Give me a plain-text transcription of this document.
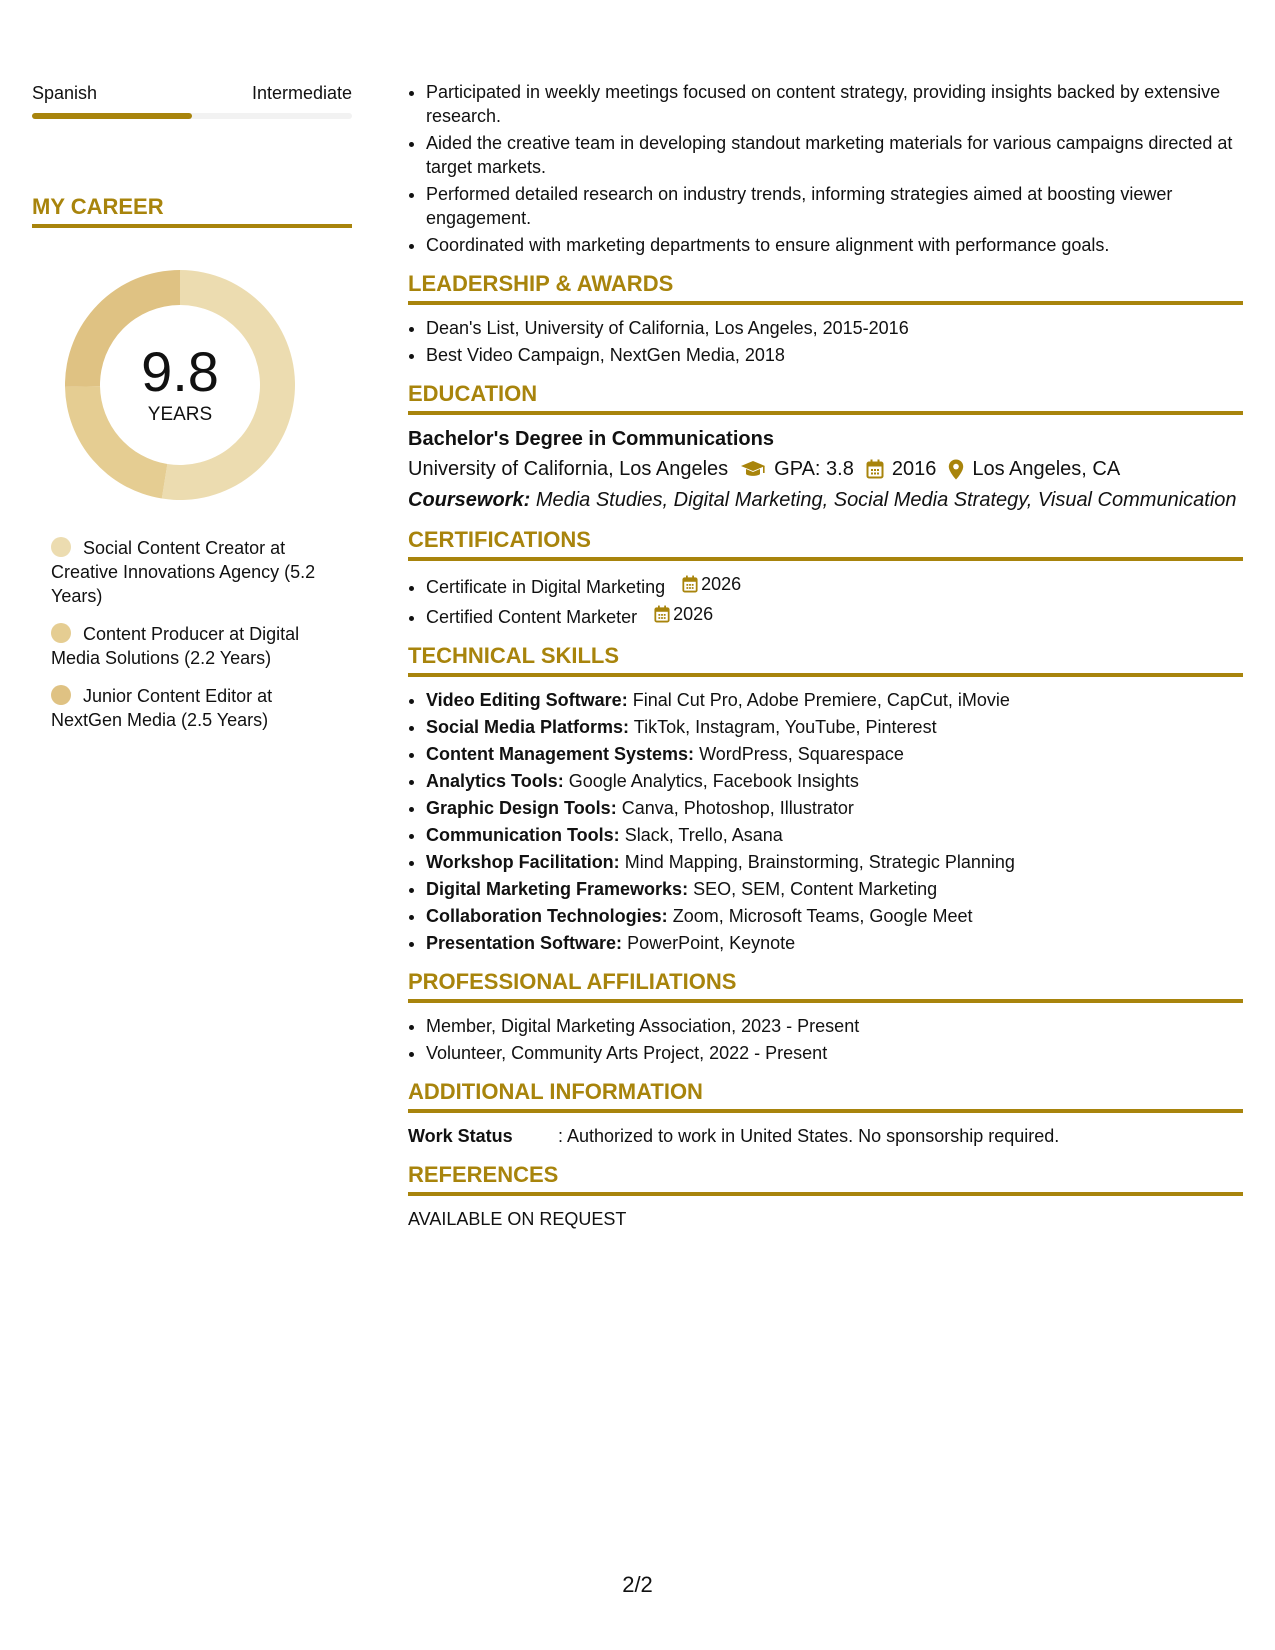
Spanish	Intermediate
MY CAREER
9.8
YEARS
Social Content Creator at Creative Innovations Agency (5.2 Years)
Content Producer at Digital Media Solutions (2.2 Years)
Junior Content Editor at NextGen Media (2.5 Years)
• Participated in weekly meetings focused on content strategy, providing insights backed by extensive research.
• Aided the creative team in developing standout marketing materials for various campaigns directed at target markets.
• Performed detailed research on industry trends, informing strategies aimed at boosting viewer engagement.
• Coordinated with marketing departments to ensure alignment with performance goals.
LEADERSHIP & AWARDS
• Dean's List, University of California, Los Angeles, 2015-2016
• Best Video Campaign, NextGen Media, 2018
EDUCATION
Bachelor's Degree in Communications
University of California, Los Angeles GPA: 3.8 2016 Los Angeles, CA
Coursework: Media Studies, Digital Marketing, Social Media Strategy, Visual Communication
CERTIFICATIONS
• Certificate in Digital Marketing 2026
• Certified Content Marketer 2026
TECHNICAL SKILLS
• Video Editing Software: Final Cut Pro, Adobe Premiere, CapCut, iMovie
• Social Media Platforms: TikTok, Instagram, YouTube, Pinterest
• Content Management Systems: WordPress, Squarespace
• Analytics Tools: Google Analytics, Facebook Insights
• Graphic Design Tools: Canva, Photoshop, Illustrator
• Communication Tools: Slack, Trello, Asana
• Workshop Facilitation: Mind Mapping, Brainstorming, Strategic Planning
• Digital Marketing Frameworks: SEO, SEM, Content Marketing
• Collaboration Technologies: Zoom, Microsoft Teams, Google Meet
• Presentation Software: PowerPoint, Keynote
PROFESSIONAL AFFILIATIONS
• Member, Digital Marketing Association, 2023 - Present
• Volunteer, Community Arts Project, 2022 - Present
ADDITIONAL INFORMATION
Work Status	: Authorized to work in United States. No sponsorship required.
REFERENCES
AVAILABLE ON REQUEST
2/2
